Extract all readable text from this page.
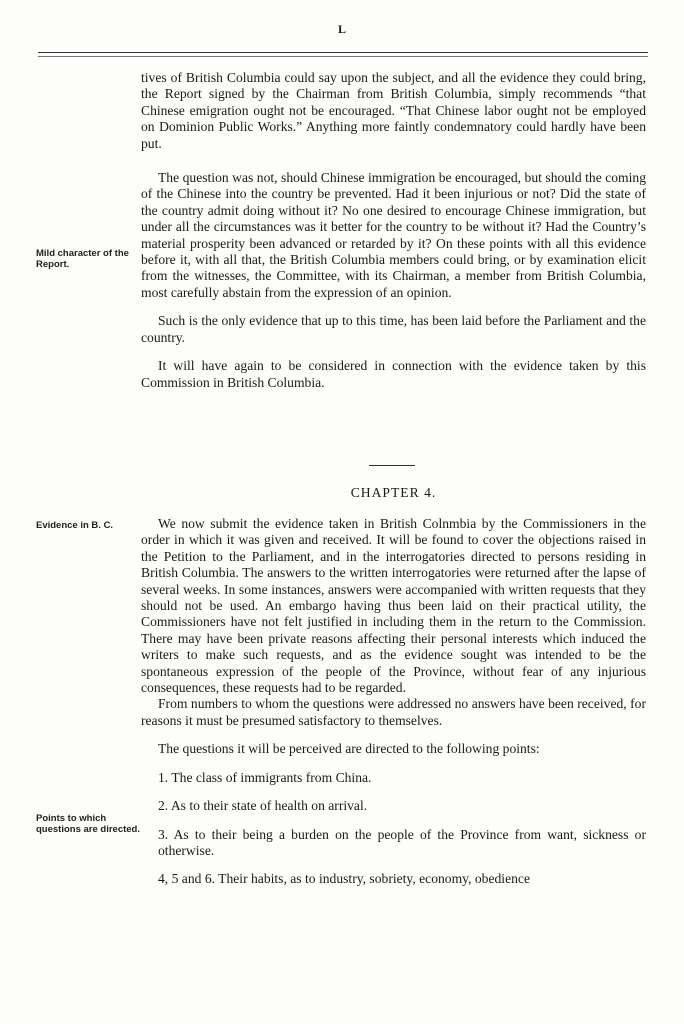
L
Mild character of the Report.
Evidence in B. C.
Points to which questions are directed.

tives of British Columbia could say upon the subject, and all the evidence they could bring, the Report signed by the Chairman from British Columbia, simply recommends “that Chinese emigration ought not be encouraged. “That Chinese labor ought not be employed on Dominion Public Works.” Anything more faintly condemnatory could hardly have been put.

The question was not, should Chinese immigration be encouraged, but should the coming of the Chinese into the country be prevented. Had it been injurious or not? Did the state of the country admit doing without it? No one desired to encourage Chinese immigration, but under all the circumstances was it better for the country to be without it? Had the Country’s material prosperity been advanced or retarded by it? On these points with all this evidence before it, with all that, the British Columbia members could bring, or by examination elicit from the witnesses, the Committee, with its Chairman, a member from British Columbia, most carefully abstain from the expression of an opinion.

Such is the only evidence that up to this time, has been laid before the Parliament and the country.

It will have again to be considered in connection with the evidence taken by this Commission in British Columbia.

CHAPTER 4.

We now submit the evidence taken in British Colnmbia by the Commissioners in the order in which it was given and received. It will be found to cover the objections raised in the Petition to the Parliament, and in the interrogatories directed to persons residing in British Columbia. The answers to the written interrogatories were returned after the lapse of several weeks. In some instances, answers were accompanied with written requests that they should not be used. An embargo having thus been laid on their practical utility, the Commissioners have not felt justified in including them in the return to the Commission. There may have been private reasons affecting their personal interests which induced the writers to make such requests, and as the evidence sought was intended to be the spontaneous expression of the people of the Province, without fear of any injurious consequences, these requests had to be regarded.

From numbers to whom the questions were addressed no answers have been received, for reasons it must be presumed satisfactory to themselves.

The questions it will be perceived are directed to the following points:

1. The class of immigrants from China.

2. As to their state of health on arrival.

3. As to their being a burden on the people of the Province from want, sickness or otherwise.

4, 5 and 6. Their habits, as to industry, sobriety, economy, obedience
